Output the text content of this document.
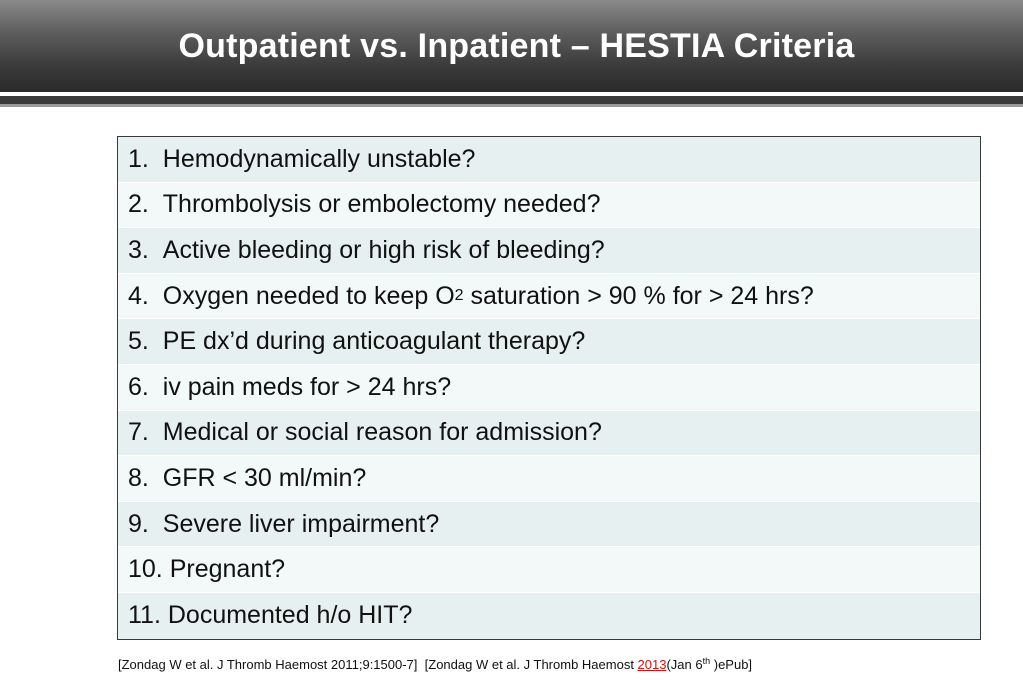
Outpatient vs. Inpatient – HESTIA Criteria
1.
Hemodynamically unstable?
2.
Thrombolysis or embolectomy needed?
3.
Active bleeding or high risk of bleeding?
4.
Oxygen needed to keep O 2 saturation > 90 % for > 24 hrs?
5.
PE dx’d during anticoagulant therapy?
6.
iv pain meds for > 24 hrs?
7.
Medical or social reason for admission?
8.
GFR < 30 ml/min?
9.
Severe liver impairment?
10.
Pregnant?
11.
Documented h/o HIT?
[Zondag W et al. J Thromb Haemost 2011;9:1500-7] [Zondag W et al. J Thromb Haemost 2013(Jan 6th )ePub]
